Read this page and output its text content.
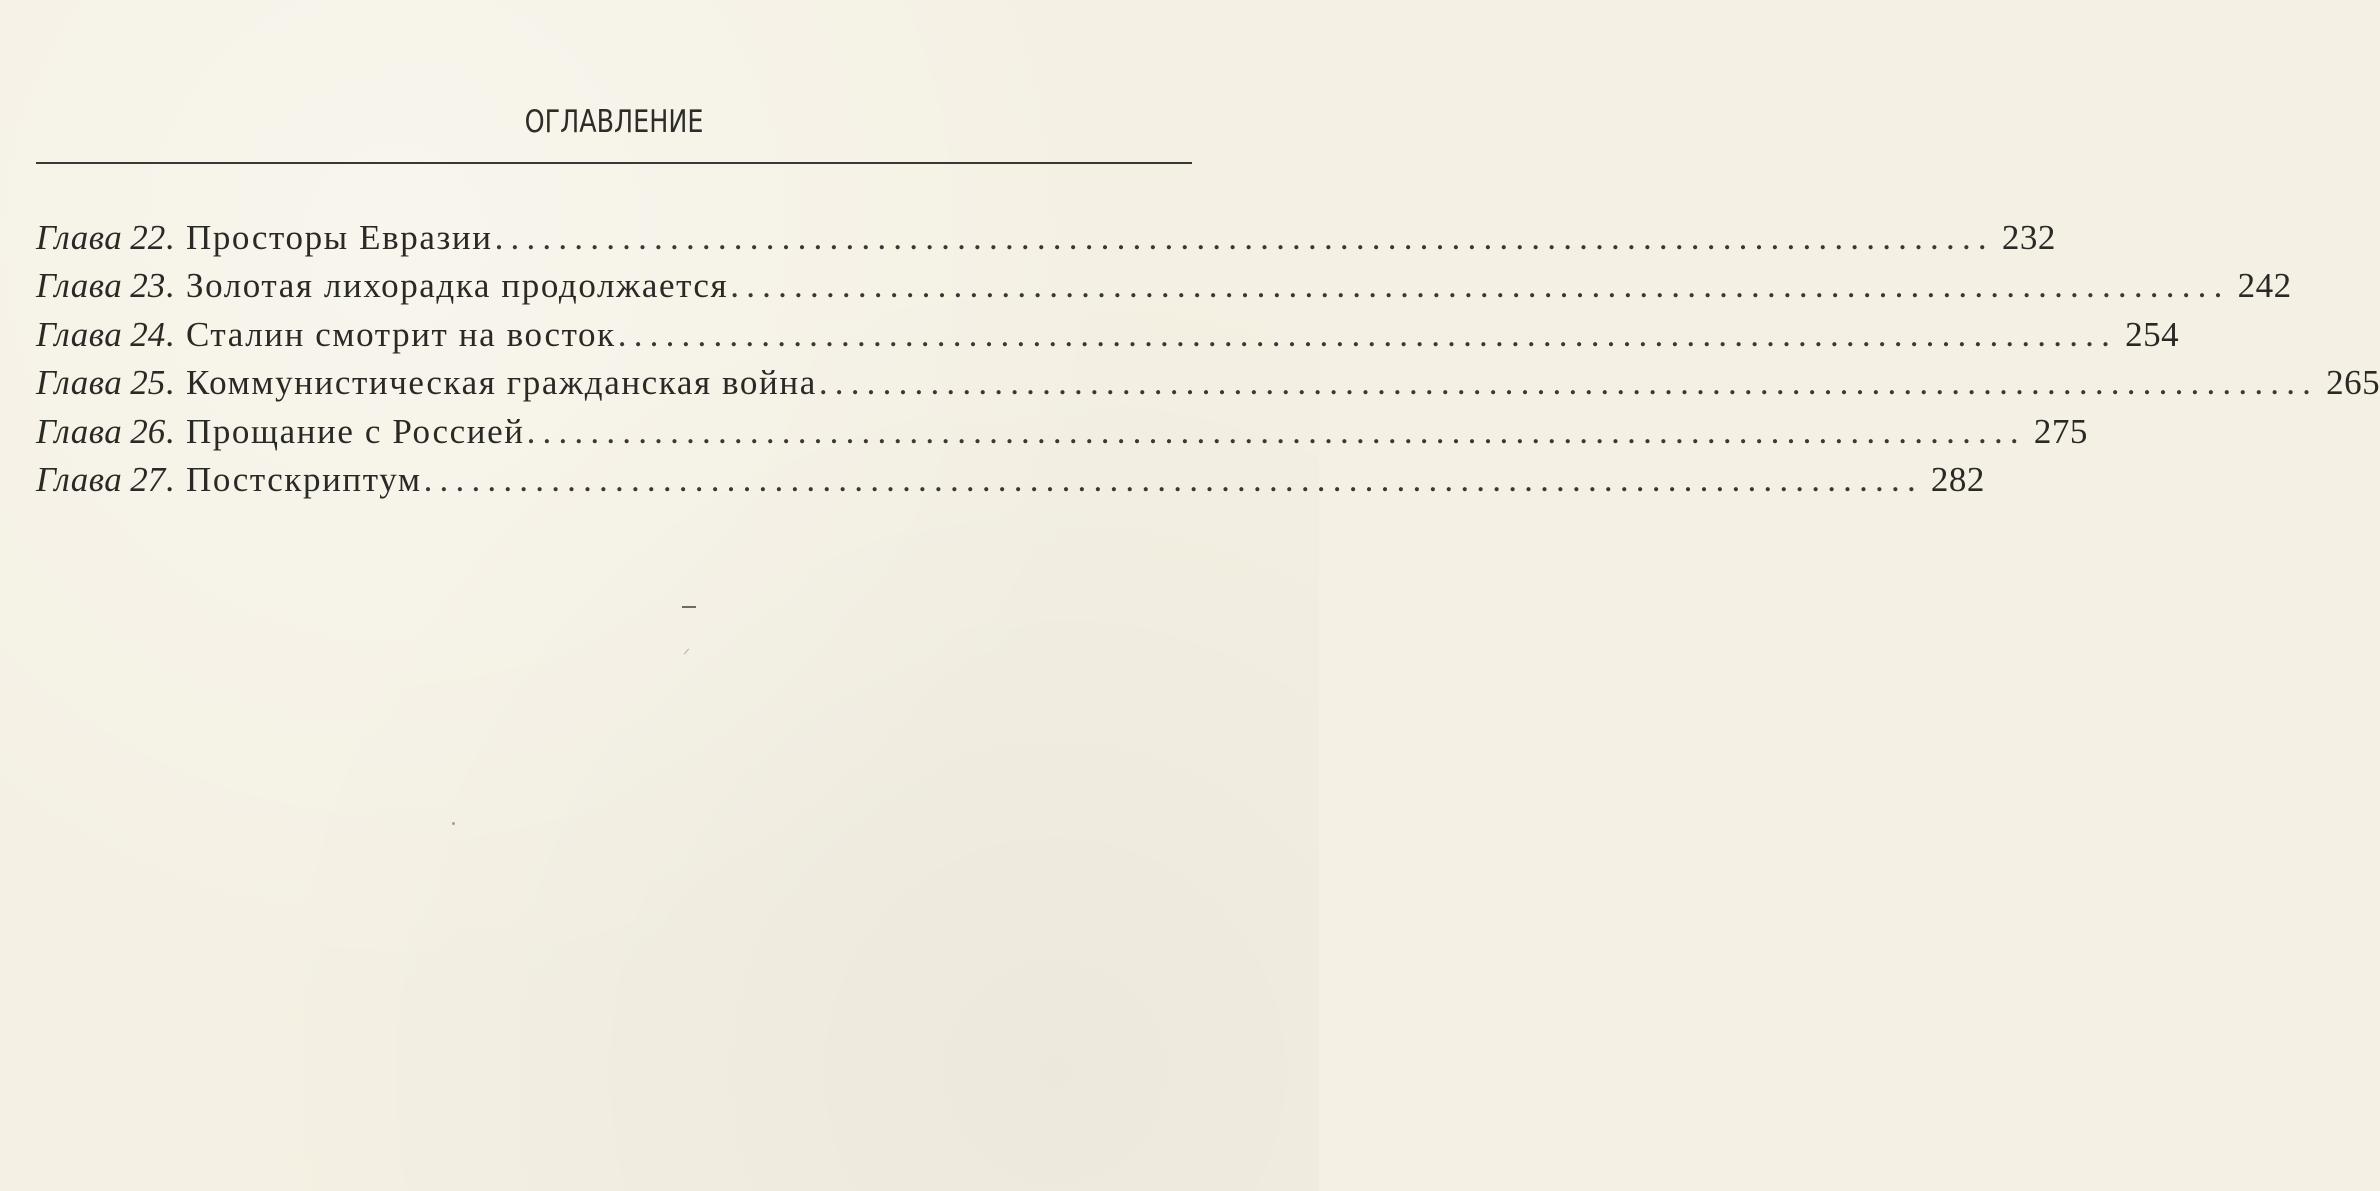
ОГЛАВЛЕНИЕ
Глава 22 . Просторы Евразии .............................................................................................. 232
Глава 23 . Золотая лихорадка продолжается .............................................................................................. 242
Глава 24 . Сталин смотрит на восток .............................................................................................. 254
Глава 25 . Коммунистическая гражданская война .............................................................................................. 265
Глава 26 . Прощание с Россией .............................................................................................. 275
Глава 27 . Постскриптум .............................................................................................. 282
